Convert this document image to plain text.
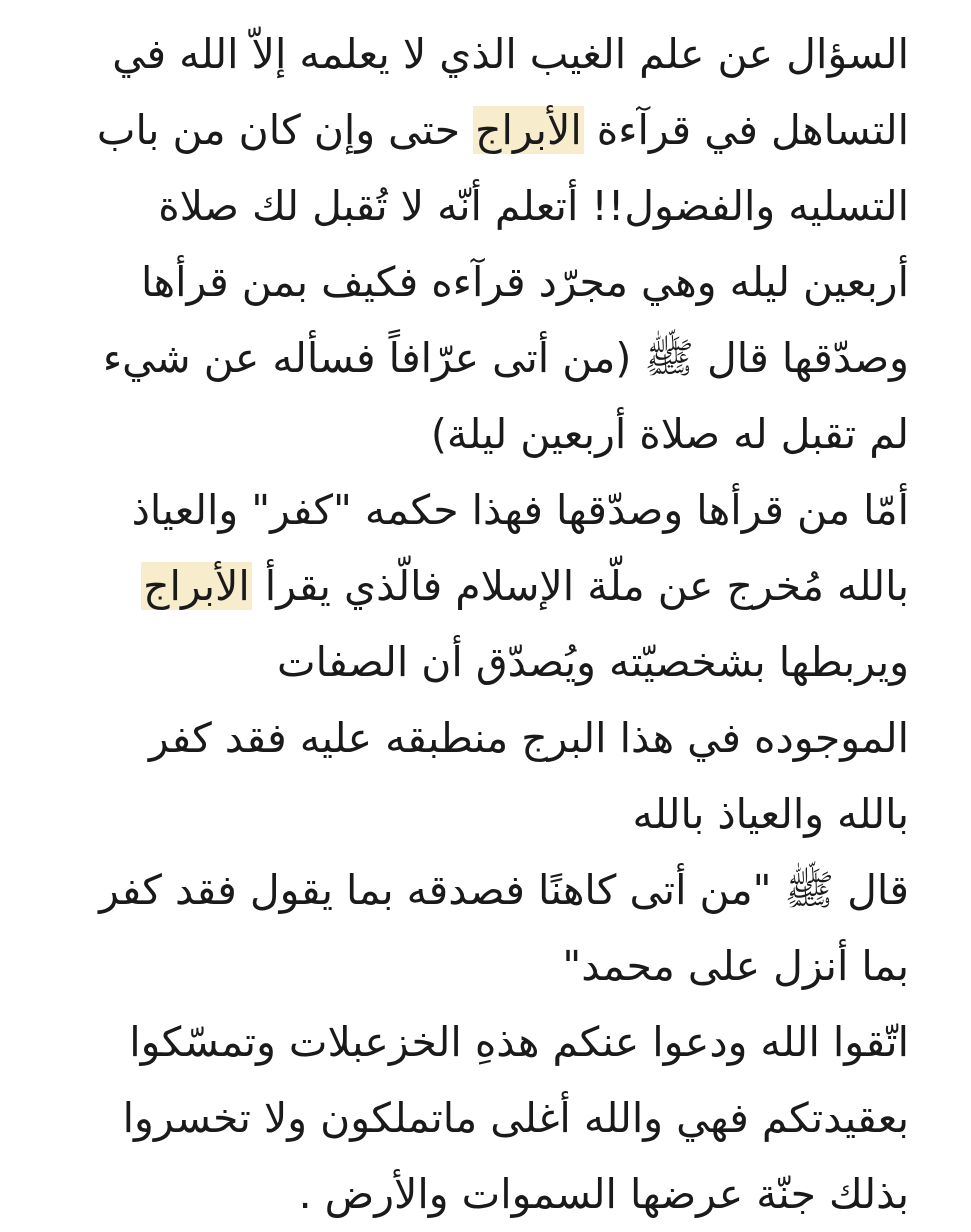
السؤال عن علم الغيب الذي لا يعلمه إلاّ الله في
التساهل في قرآءة الأبراج حتى وإن كان من باب
التسليه والفضول!! أتعلم أنّه لا تُقبل لك صلاة
أربعين ليله وهي مجرّد قرآءه فكيف بمن قرأها
وصدّقها قال ﷺ (من أتى عرّافاً فسأله عن شيء
لم تقبل له صلاة أربعين ليلة)
أمّا من قرأها وصدّقها فهذا حكمه "كفر" والعياذ
بالله مُخرج عن ملّة الإسلام فالّذي يقرأ الأبراج
ويربطها بشخصيّته ويُصدّق أن الصفات
الموجوده في هذا البرج منطبقه عليه فقد كفر
بالله والعياذ بالله
قال ﷺ "من أتى كاهنًا فصدقه بما يقول فقد كفر
بما أنزل على محمد"
اتّقوا الله ودعوا عنكم هذهِ الخزعبلات وتمسّكوا
بعقيدتكم فهي والله أغلى ماتملكون ولا تخسروا
بذلك جنّة عرضها السموات والأرض .
